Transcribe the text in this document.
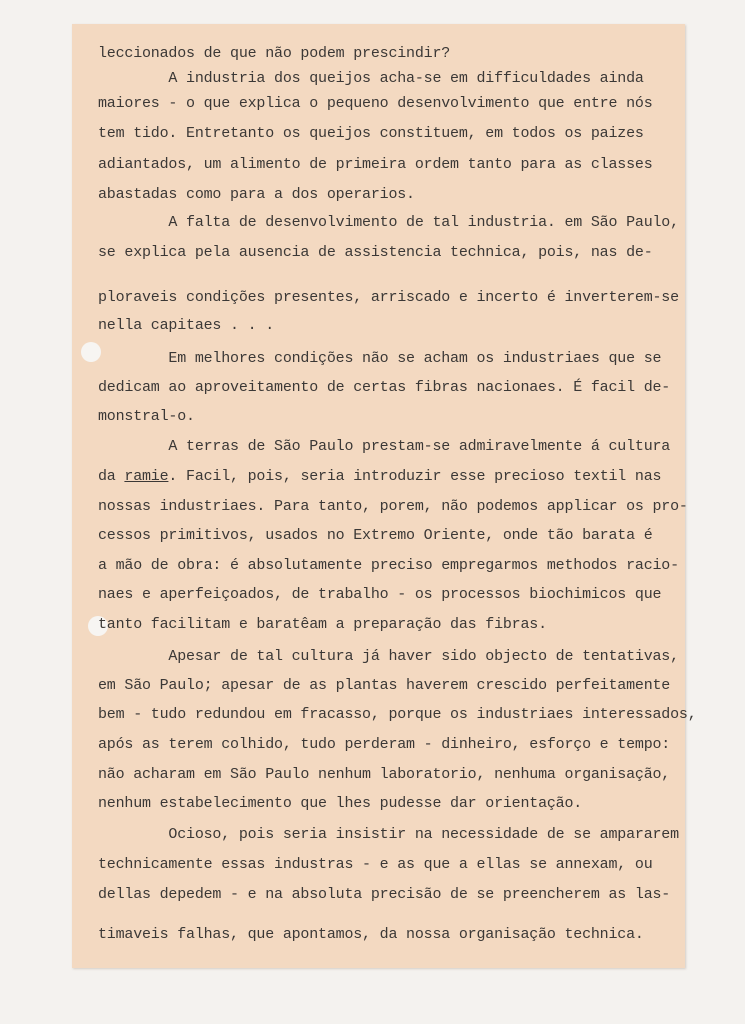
leccionados de que não podem prescindir?

A industria dos queijos acha-se em difficuldades ainda

maiores - o que explica o pequeno desenvolvimento que entre nós

tem tido. Entretanto os queijos constituem, em todos os paizes

adiantados, um alimento de primeira ordem tanto para as classes

abastadas como para a dos operarios.

A falta de desenvolvimento de tal industria. em São Paulo,

se explica pela ausencia de assistencia technica, pois, nas de-

ploraveis condições presentes, arriscado e incerto é inverterem-se

nella capitaes . . .

Em melhores condições não se acham os industriaes que se

dedicam ao aproveitamento de certas fibras nacionaes. É facil de-

monstral-o.

A terras de São Paulo prestam-se admiravelmente á cultura

da ramie. Facil, pois, seria introduzir esse precioso textil nas

nossas industriaes. Para tanto, porem, não podemos applicar os pro-

cessos primitivos, usados no Extremo Oriente, onde tão barata é

a mão de obra: é absolutamente preciso empregarmos methodos racio-

naes e aperfeiçoados, de trabalho - os processos biochimicos que

tanto facilitam e baratêam a preparação das fibras.

Apesar de tal cultura já haver sido objecto de tentativas,

em São Paulo; apesar de as plantas haverem crescido perfeitamente

bem - tudo redundou em fracasso, porque os industriaes interessados,

após as terem colhido, tudo perderam - dinheiro, esforço e tempo:

não acharam em São Paulo nenhum laboratorio, nenhuma organisação,

nenhum estabelecimento que lhes pudesse dar orientação.

Ocioso, pois seria insistir na necessidade de se ampararem

technicamente essas industras - e as que a ellas se annexam, ou

dellas depedem - e na absoluta precisão de se preencherem as las-

timaveis falhas, que apontamos, da nossa organisação technica.
